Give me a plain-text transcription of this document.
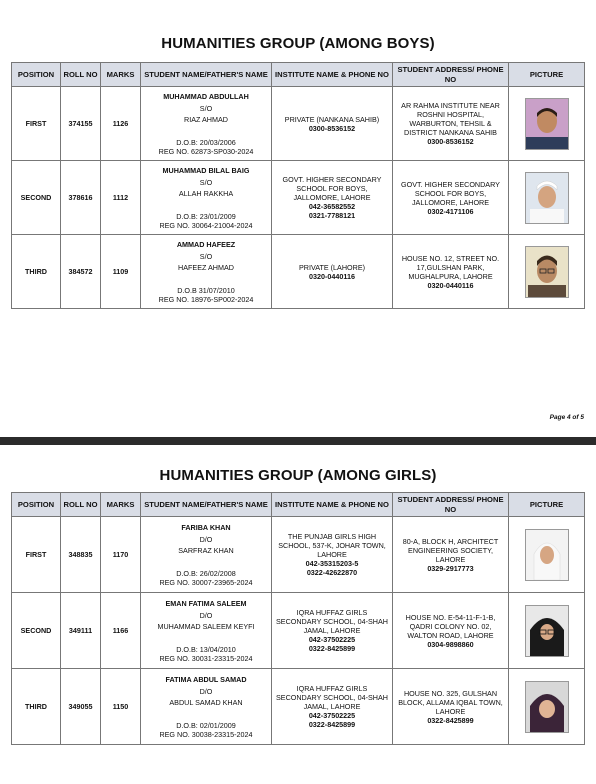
HUMANITIES GROUP (AMONG BOYS)
POSITION	ROLL NO	MARKS	STUDENT NAME/FATHER'S NAME	INSTITUTE NAME & PHONE NO	STUDENT ADDRESS/ PHONE NO	PICTURE
FIRST	374155	1126	MUHAMMAD ABDULLAH
S/O
RIAZ AHMAD
D.O.B: 20/03/2006
REG NO. 62873-SP030-2024	PRIVATE (NANKANA SAHIB)
0300-8536152	AR RAHMA INSTITUTE NEAR ROSHNI HOSPITAL, WARBURTON, TEHSIL & DISTRICT NANKANA SAHIB
0300-8536152

SECOND	378616	1112	MUHAMMAD BILAL BAIG
S/O
ALLAH RAKKHA
D.O.B: 23/01/2009
REG NO. 30064-21004-2024	GOVT. HIGHER SECONDARY SCHOOL FOR BOYS, JALLOMORE, LAHORE
042-36582552
0321-7788121	GOVT. HIGHER SECONDARY SCHOOL FOR BOYS, JALLOMORE, LAHORE
0302-4171106

THIRD	384572	1109	AMMAD HAFEEZ
S/O
HAFEEZ AHMAD
D.O.B 31/07/2010
REG NO. 18976-SP002-2024	PRIVATE (LAHORE)
0320-0440116	HOUSE NO. 12, STREET NO. 17,GULSHAN PARK, MUGHALPURA, LAHORE
0320-0440116

Page 4 of 5
HUMANITIES GROUP (AMONG GIRLS)
POSITION	ROLL NO	MARKS	STUDENT NAME/FATHER'S NAME	INSTITUTE NAME & PHONE NO	STUDENT ADDRESS/ PHONE NO	PICTURE
FIRST	348835	1170	FARIBA KHAN
D/O
SARFRAZ KHAN
D.O.B: 26/02/2008
REG NO. 30007-23965-2024	THE PUNJAB GIRLS HIGH SCHOOL, 537-K, JOHAR TOWN, LAHORE
042-35315203-5
0322-42622870	80-A, BLOCK H, ARCHITECT ENGINEERING SOCIETY, LAHORE
0329-2917773

SECOND	349111	1166	EMAN FATIMA SALEEM
D/O
MUHAMMAD SALEEM KEYFI
D.O.B: 13/04/2010
REG NO. 30031-23315-2024	IQRA HUFFAZ GIRLS SECONDARY SCHOOL, 04-SHAH JAMAL, LAHORE
042-37502225
0322-8425899	HOUSE NO. E-54-11-F-1-B, QADRI COLONY NO. 02, WALTON ROAD, LAHORE
0304-9898860

THIRD	349055	1150	FATIMA ABDUL SAMAD
D/O
ABDUL SAMAD KHAN
D.O.B: 02/01/2009
REG NO. 30038-23315-2024	IQRA HUFFAZ GIRLS SECONDARY SCHOOL, 04-SHAH JAMAL, LAHORE
042-37502225
0322-8425899	HOUSE NO. 325, GULSHAN BLOCK, ALLAMA IQBAL TOWN, LAHORE
0322-8425899
